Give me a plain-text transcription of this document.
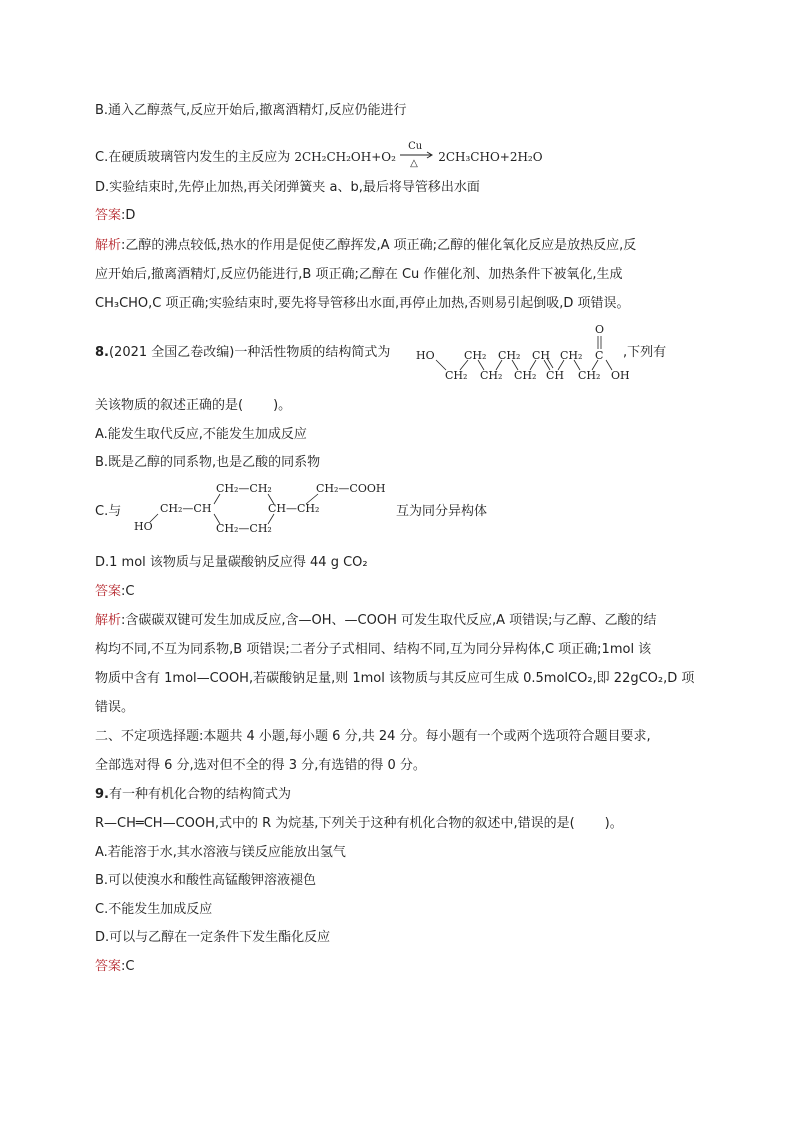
B.通入乙醇蒸气,反应开始后,撤离酒精灯,反应仍能进行
C.在硬质玻璃管内发生的主反应为 2CH₂CH₂OH+O₂
Cu
△ 2CH₃CHO+2H₂O
D.实验结束时,先停止加热,再关闭弹簧夹 a、b,最后将导管移出水面
答案:D
解析:乙醇的沸点较低,热水的作用是促使乙醇挥发,A 项正确;乙醇的催化氧化反应是放热反应,反
应开始后,撤离酒精灯,反应仍能进行,B 项正确;乙醇在 Cu 作催化剂、加热条件下被氧化,生成
CH₃CHO,C 项正确;实验结束时,要先将导管移出水面,再停止加热,否则易引起倒吸,D 项错误。
8.(2021 全国乙卷改编)一种活性物质的结构简式为	,下列有
HO	CH₂ CH₂ CH CH₂ C
O
CH₂ CH₂ CH₂ CH CH₂ OH
关该物质的叙述正确的是( )。
A.能发生取代反应,不能发生加成反应
B.既是乙醇的同系物,也是乙酸的同系物
C.与
HO
CH₂—CH
CH₂—CH₂
CH₂—CH₂
CH—CH₂
CH₂—COOH
互为同分异构体
D.1 mol 该物质与足量碳酸钠反应得 44 g CO₂
答案:C
解析:含碳碳双键可发生加成反应,含—OH、—COOH 可发生取代反应,A 项错误;与乙醇、乙酸的结
构均不同,不互为同系物,B 项错误;二者分子式相同、结构不同,互为同分异构体,C 项正确;1mol 该
物质中含有 1mol—COOH,若碳酸钠足量,则 1mol 该物质与其反应可生成 0.5molCO₂,即 22gCO₂,D 项
错误。
二、不定项选择题:本题共 4 小题,每小题 6 分,共 24 分。每小题有一个或两个选项符合题目要求,
全部选对得 6 分,选对但不全的得 3 分,有选错的得 0 分。
9.有一种有机化合物的结构简式为
R—CH═CH—COOH,式中的 R 为烷基,下列关于这种有机化合物的叙述中,错误的是( )。
A.若能溶于水,其水溶液与镁反应能放出氢气
B.可以使溴水和酸性高锰酸钾溶液褪色
C.不能发生加成反应
D.可以与乙醇在一定条件下发生酯化反应
答案:C
